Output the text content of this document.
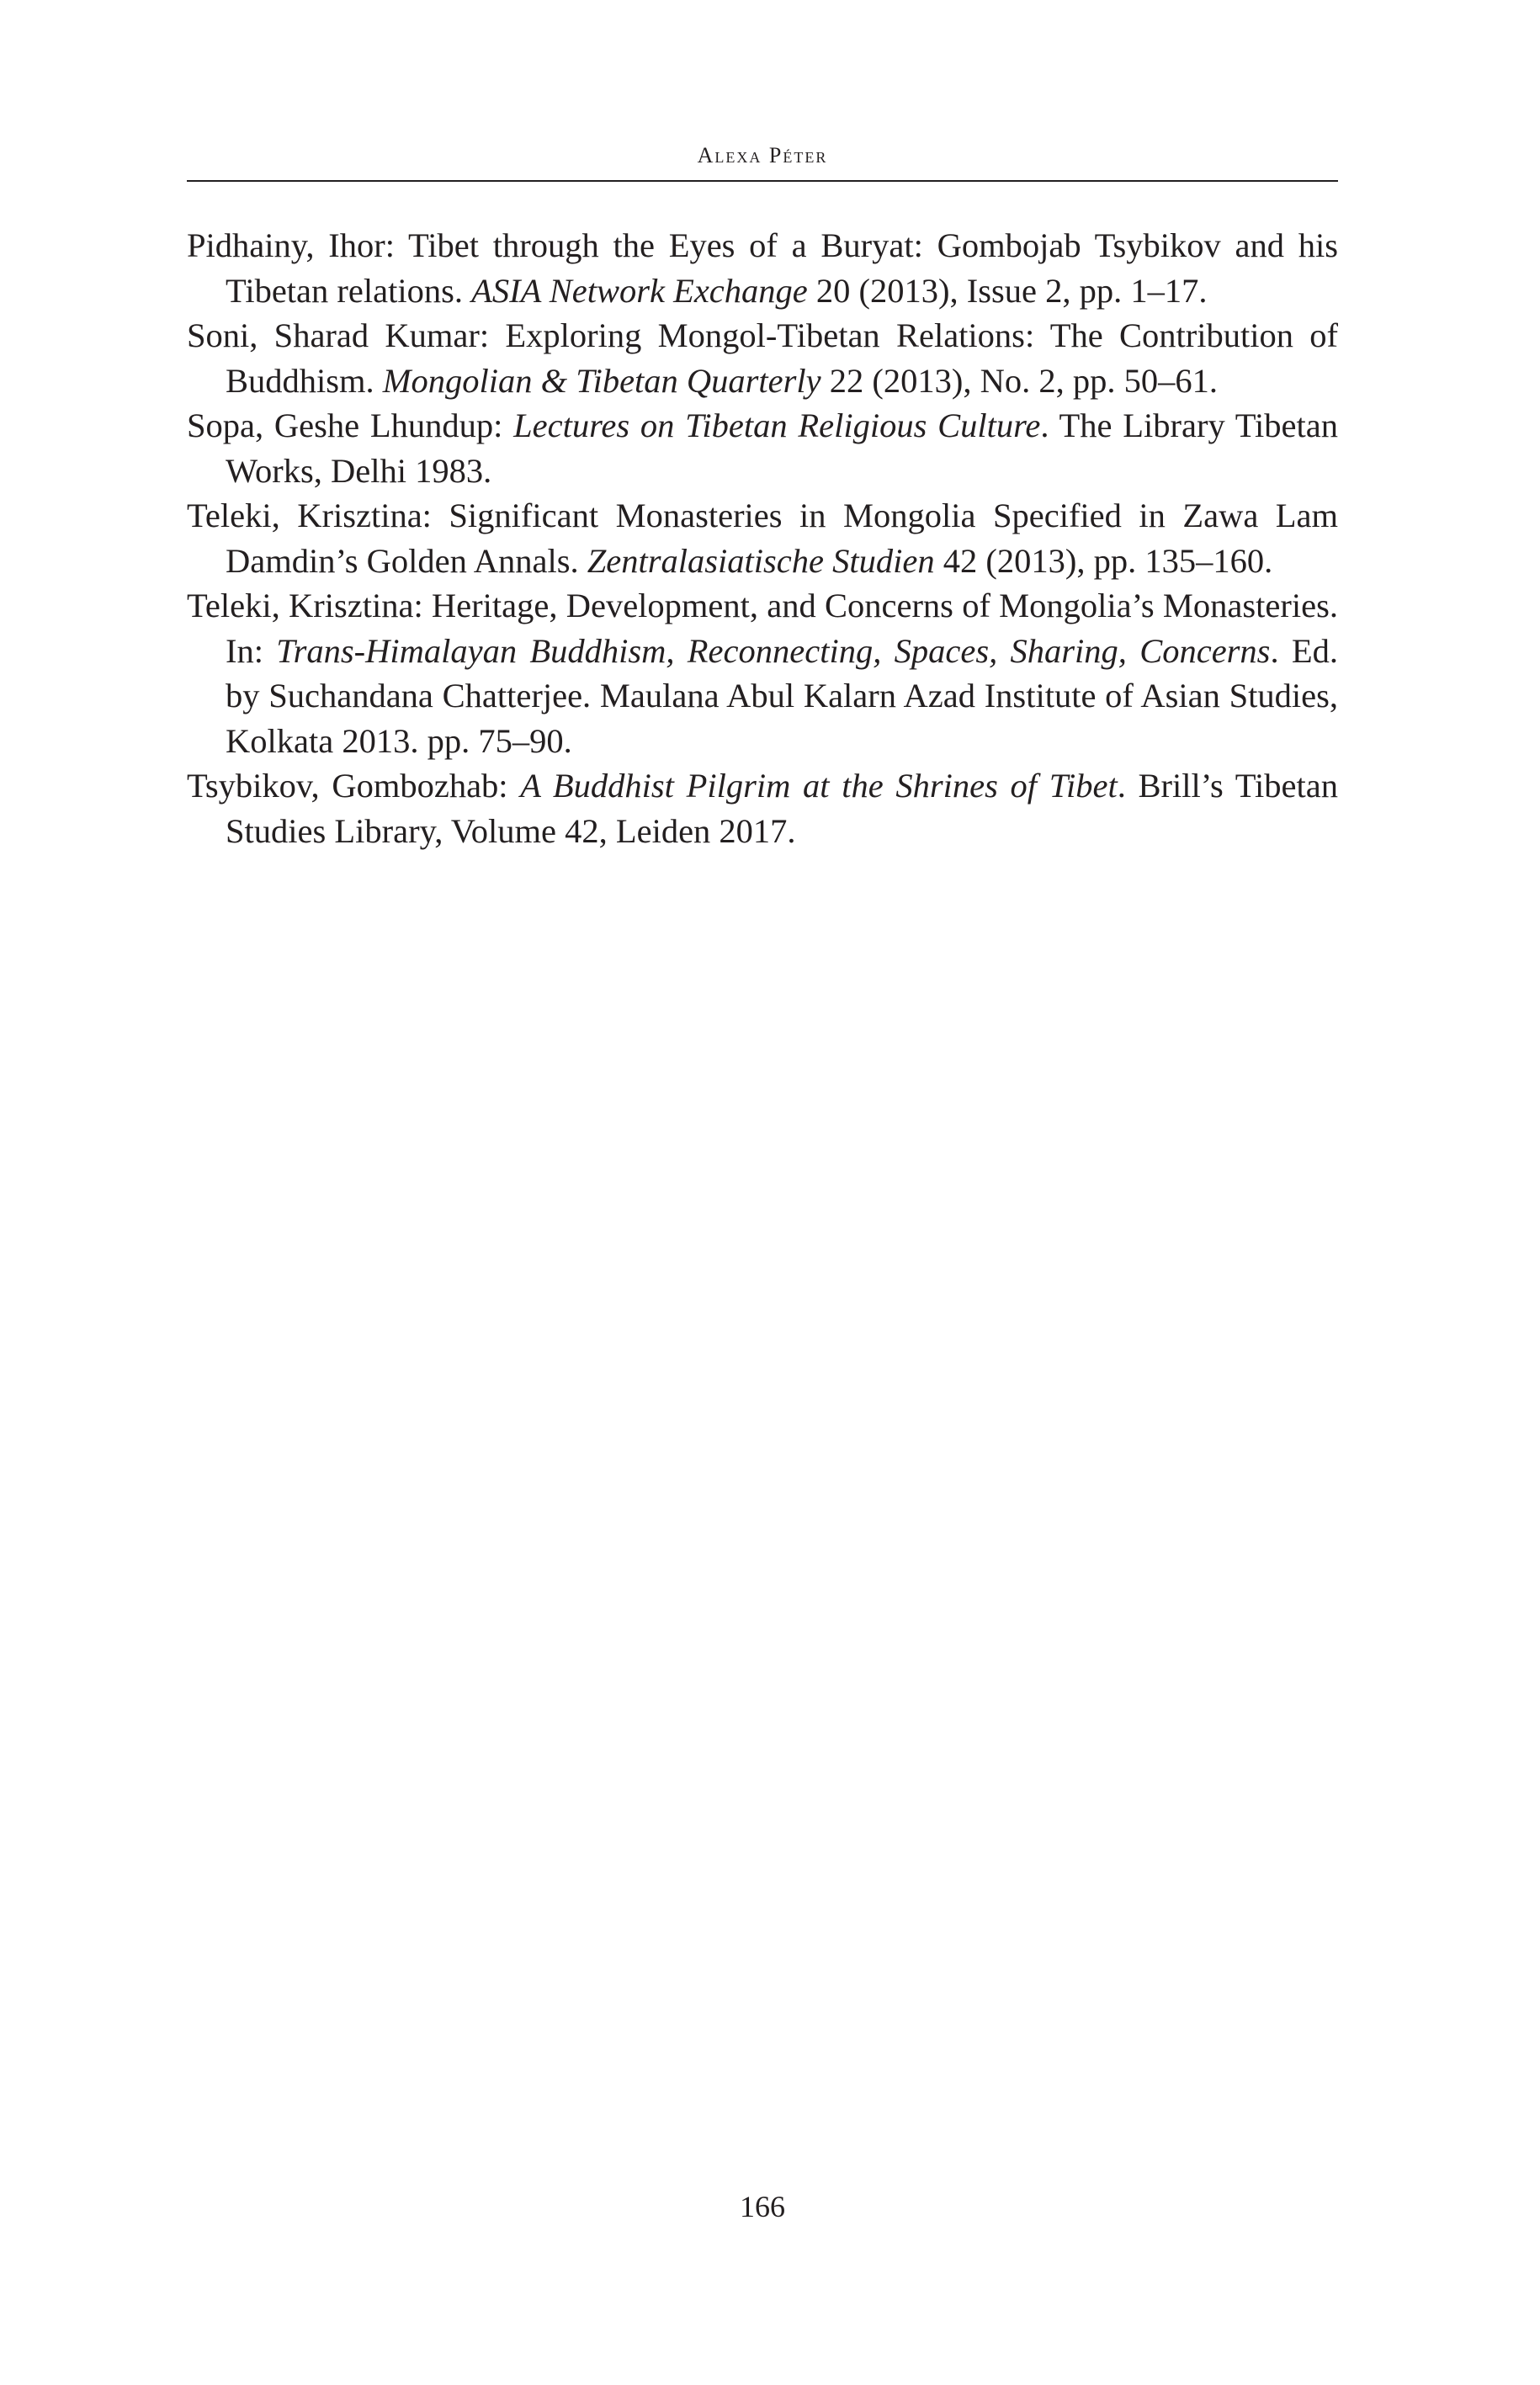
Alexa Péter
Pidhainy, Ihor: Tibet through the Eyes of a Buryat: Gombojab Tsybikov and his Tibetan relations. ASIA Network Exchange 20 (2013), Issue 2, pp. 1–17.
Soni, Sharad Kumar: Exploring Mongol-Tibetan Relations: The Contribution of Buddhism. Mongolian & Tibetan Quarterly 22 (2013), No. 2, pp. 50–61.
Sopa, Geshe Lhundup: Lectures on Tibetan Religious Culture. The Library Tibetan Works, Delhi 1983.
Teleki, Krisztina: Significant Monasteries in Mongolia Specified in Zawa Lam Damdin’s Golden Annals. Zentralasiatische Studien 42 (2013), pp. 135–160.
Teleki, Krisztina: Heritage, Development, and Concerns of Mongolia’s Monasteries. In: Trans-Himalayan Buddhism, Reconnecting, Spaces, Sharing, Concerns. Ed. by Suchandana Chatterjee. Maulana Abul Kalarn Azad Institute of Asian Studies, Kolkata 2013. pp. 75–90.
Tsybikov, Gombozhab: A Buddhist Pilgrim at the Shrines of Tibet. Brill’s Tibetan Studies Library, Volume 42, Leiden 2017.
166
